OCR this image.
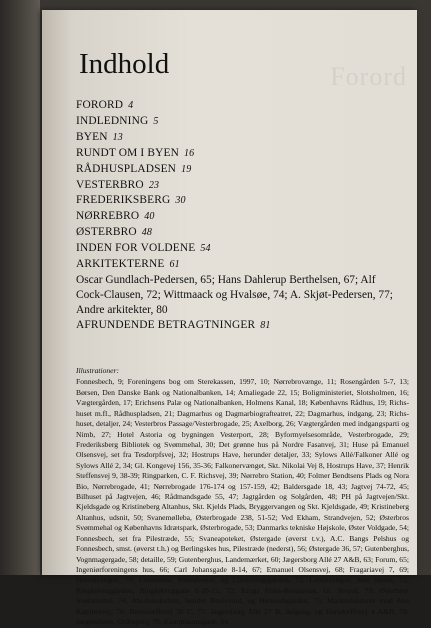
Forord
Indhold
FORORD 4
INDLEDNING 5
BYEN 13
RUNDT OM I BYEN 16
RÅDHUSPLADSEN 19
VESTERBRO 23
FREDERIKSBERG 30
NØRREBRO 40
ØSTERBRO 48
INDEN FOR VOLDENE 54
ARKITEKTERNE 61
Oscar Gundlach-Pedersen, 65; Hans Dahlerup Berthelsen, 67; Alf Cock-Clausen, 72; Wittmaack og Hvalsøe, 74; A. Skjøt-Pedersen, 77; Andre arkitekter, 80
AFRUNDENDE BETRAGTNINGER 81
Illustrationer:
Fonnesbech, 9; Foreningens bog om Sterekassen, 1997, 10; Nørrebrovænge, 11; Rosengården 5-7, 13; Børsen, Den Danske Bank og Nationalbanken, 14; Amaliegade 22, 15; Boligministeriet, Slotsholmen, 16; Vægtergården, 17; Erichsens Palæ og Nationalbanken, Holmens Kanal, 18; Københavns Rådhus, 19; Richs-huset m.fl., Rådhuspladsen, 21; Dagmarhus og Dagmarbiografteatret, 22; Dagmarhus, indgang, 23; Richs-huset, detaljer, 24; Vesterbros Passage/Vesterbrogade, 25; Axelborg, 26; Vægtergården med indgangsparti og Nimb, 27; Hotel Astoria og bygningen Vesterport, 28; Byformyelsesområde, Vesterbrogade, 29; Frederiksberg Bibliotek og Svømmehal, 30; Det grønne hus på Nordre Fasanvej, 31; Huse på Emanuel Olsensvej, set fra Tesdorpfsvej, 32; Hostrups Have, herunder detaljer, 33; Sylows Allé/Falkoner Allé og Sylows Allé 2, 34; Gl. Kongevej 156, 35-36; Falkonervænget, Skt. Nikolai Vej 8, Hostrups Have, 37; Henrik Steffensvej 9, 38-39; Ringparken, C. F. Richsvej, 39; Nørrebro Station, 40; Folmer Bendtsens Plads og Nora Bio, Nørrebrogade, 41; Nørrebrogade 176-174 og 157-159, 42; Baldersgade 18, 43; Jagtvej 74-72, 45; Bilhuset på Jagtvejen, 46; Rådmandsgade 55, 47; Jagtgården og Solgården, 48; PH på Jagtvejen/Skt. Kjeldsgade og Kristineberg Altanhus, Skt. Kjelds Plads, Bryggervangen og Skt. Kjeldsgade, 49; Kristineberg Altanhus, udsnit, 50; Svanemølleba, Østerbrogade 238, 51-52; Ved Ekham, Strandvejen, 52; Østerbros Svømmehal og Københavns Idrætspark, Østerbrogade, 53; Danmarks tekniske Højskole, Øster Voldgade, 54; Fonnesbech, set fra Pilestræde, 55; Svaneapoteket, Østergade (øverst t.v.), A.C. Bangs Pelshus og Fonnesbech, smst. (øverst t.h.) og Berlingskes hus, Pilestræde (nederst), 56; Østergade 36, 57; Gutenberghus, Vognmagergade, 58; detaille, 59; Gutenberghus, Landemærket, 60; Jægersborg Allé 27 A&B, 63; Forum, 65; Ingeniørforeningens hus, 66; Carl Johansgade 8-14, 67; Emanuel Olsensvej, 68; Fragariavej 7, 69; Hessalvangen, 70; Constantia, Strandvejen, og Lindevangsgården, 71; Landevangen, med udsnit, 71; Ringkøbinggården, Ringkøbinggade 8-10-12, 72; Krogs Fiske-Restaurant, Gl. Strand, 73; Østerbros Svømmehal, 74; Absalonskirken, Sønder Boulevard, og Hermodsgården, 75; Mariendalshave mod Ane Katrinesvej, 76; Bernstorffsvej 30 C, 77; Jægersborg Allé 27 B, indgang, og Harsdorffsvej 4 A&B, 78; Jørgenshave, Ordrupvej, 79; Kampmannsgade, 84.
